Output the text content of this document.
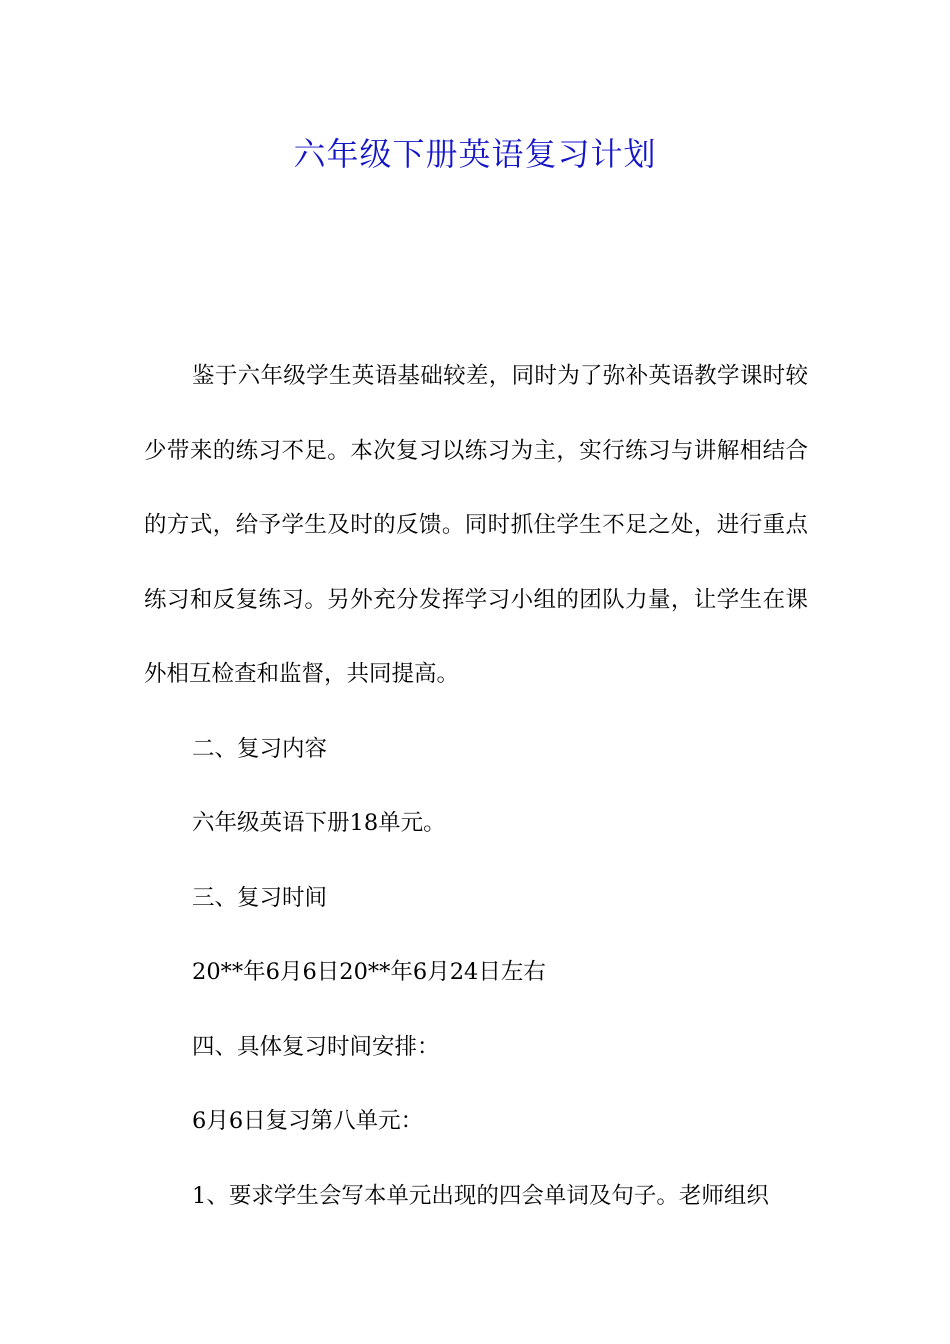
六年级下册英语复习计划

鉴于六年级学生英语基础较差，同时为了弥补英语教学课时较少带来的练习不足。本次复习以练习为主，实行练习与讲解相结合的方式，给予学生及时的反馈。同时抓住学生不足之处，进行重点练习和反复练习。另外充分发挥学习小组的团队力量，让学生在课外相互检查和监督，共同提高。

二、复习内容

六年级英语下册18单元。

三、复习时间

20**年6月6日20**年6月24日左右

四、具体复习时间安排：

6月6日复习第八单元：

1、要求学生会写本单元出现的四会单词及句子。老师组织
